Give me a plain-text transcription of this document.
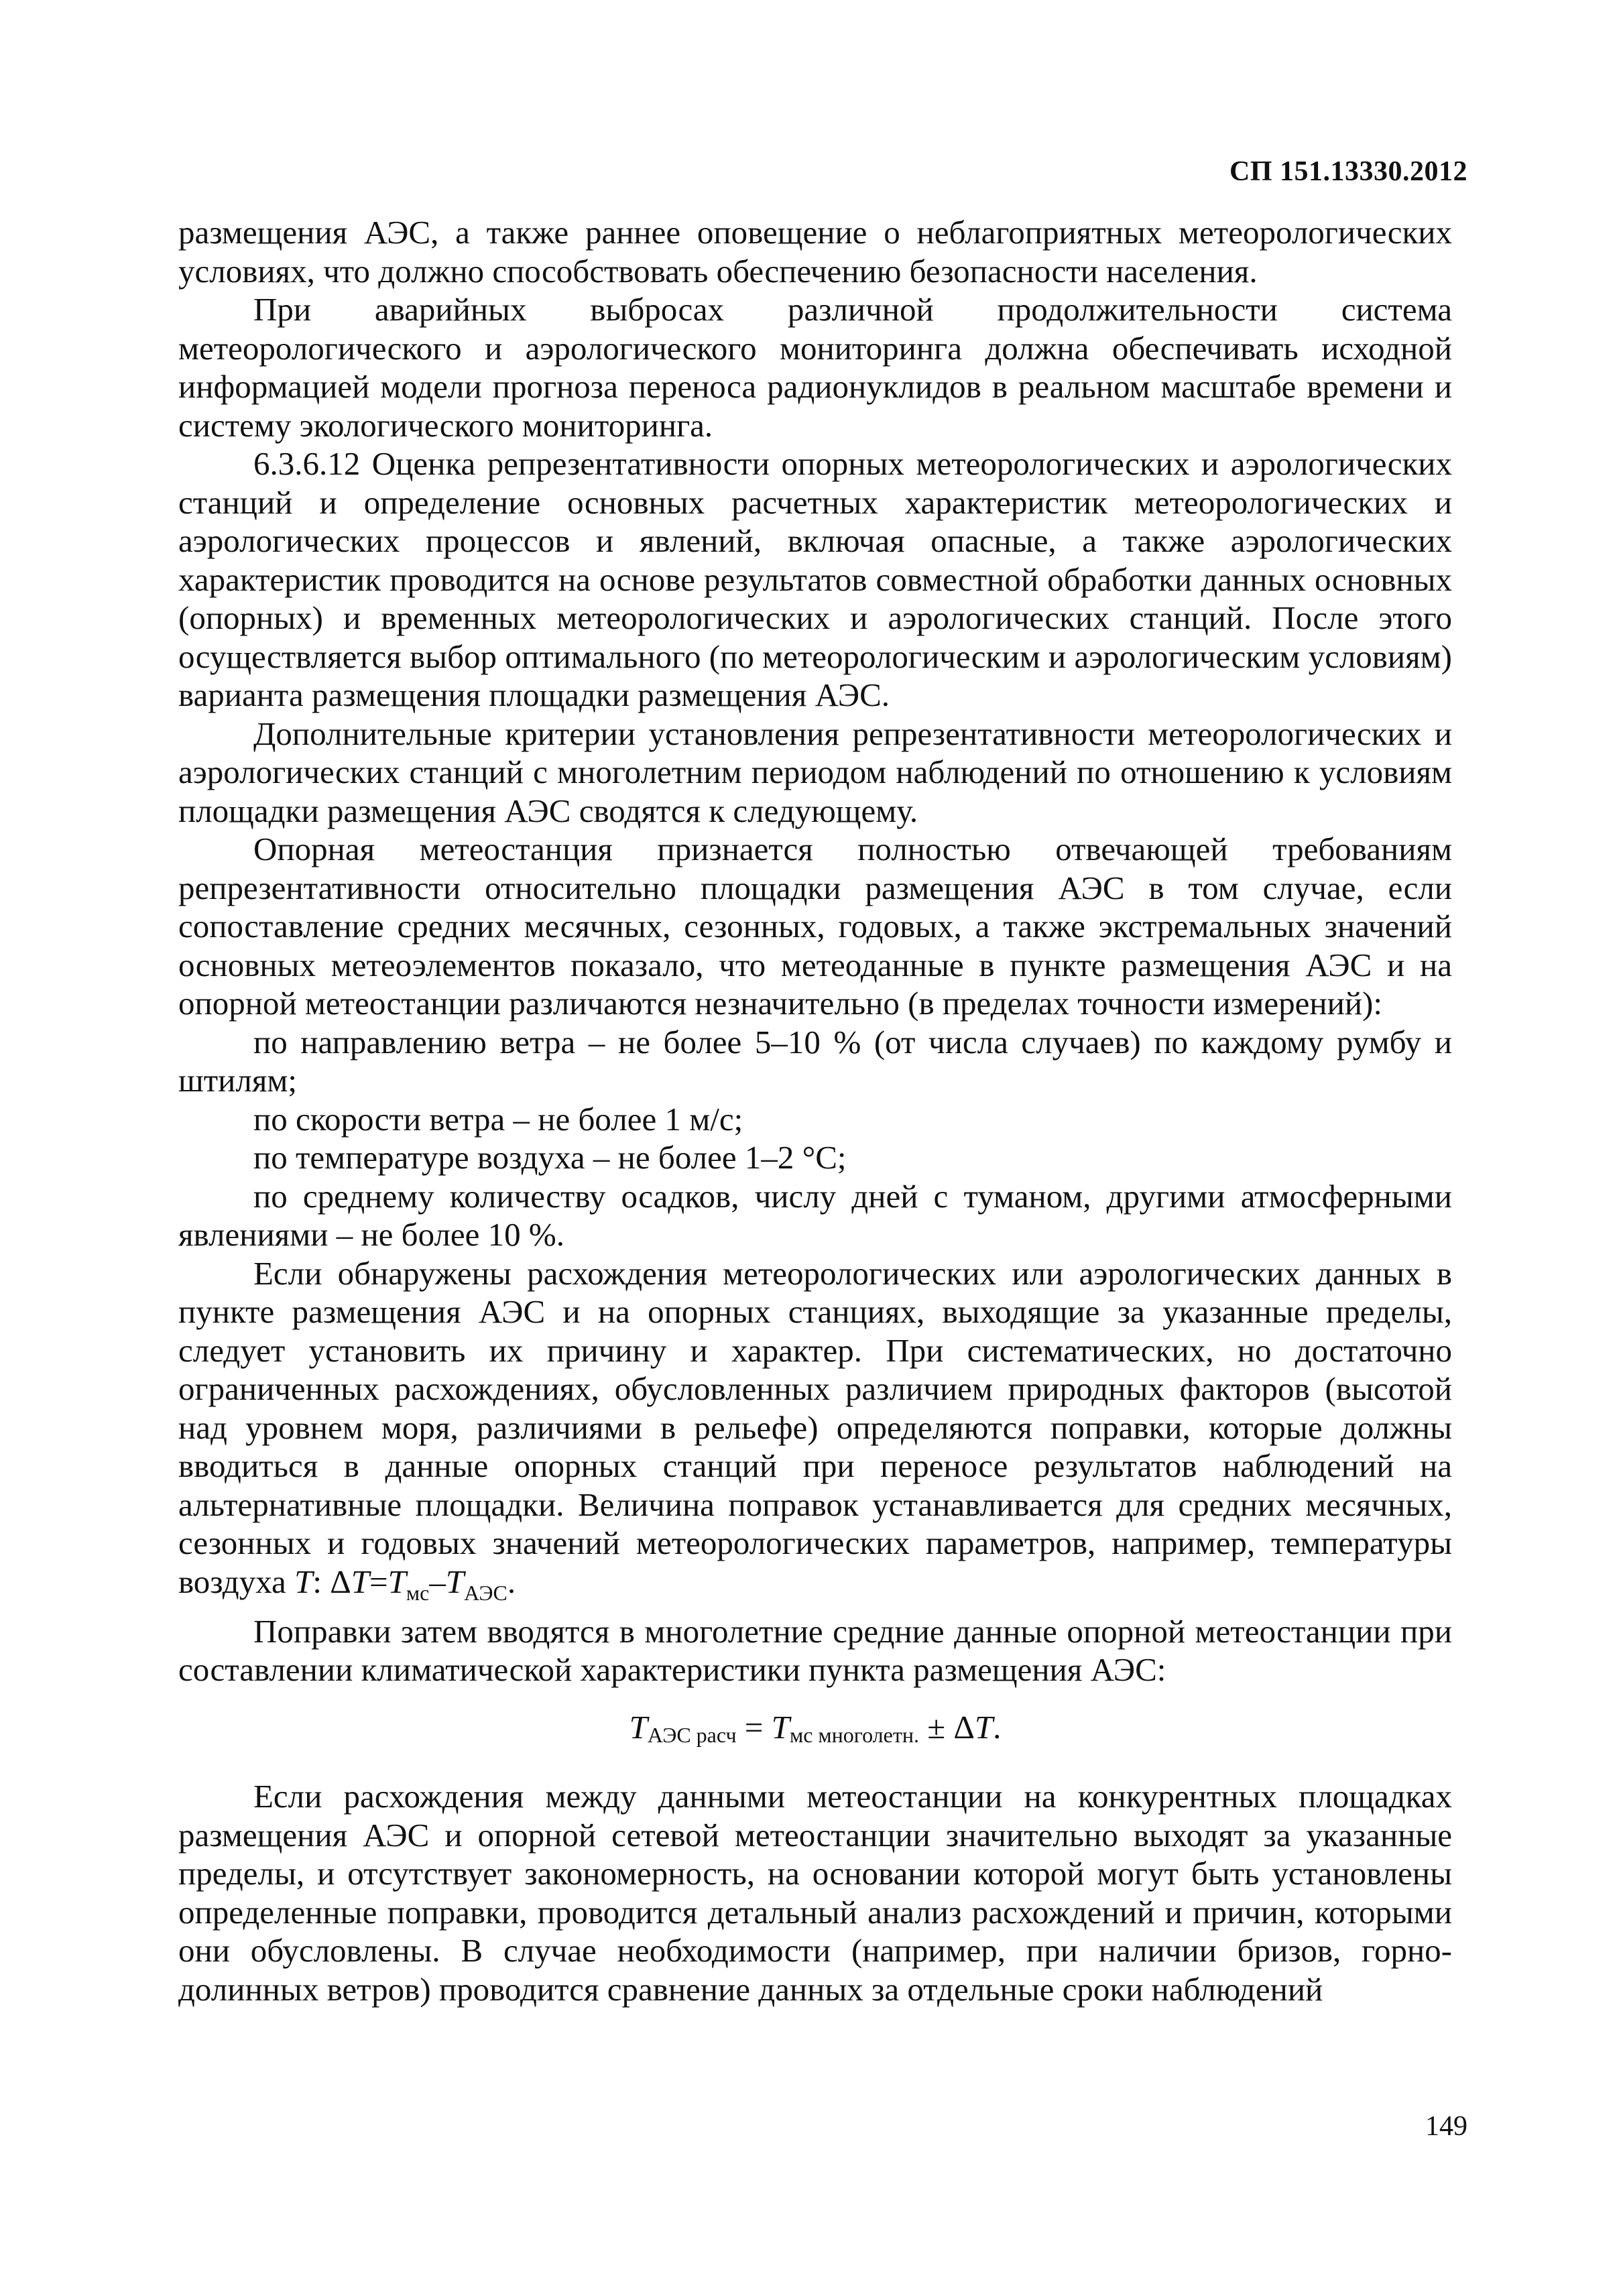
СП 151.13330.2012

размещения АЭС, а также раннее оповещение о неблагоприятных метеорологических условиях, что должно способствовать обеспечению безопасности населения.

При аварийных выбросах различной продолжительности система метеорологического и аэрологического мониторинга должна обеспечивать исходной информацией модели прогноза переноса радионуклидов в реальном масштабе времени и систему экологического мониторинга.

6.3.6.12 Оценка репрезентативности опорных метеорологических и аэрологических станций и определение основных расчетных характеристик метеорологических и аэрологических процессов и явлений, включая опасные, а также аэрологических характеристик проводится на основе результатов совместной обработки данных основных (опорных) и временных метеорологических и аэрологических станций. После этого осуществляется выбор оптимального (по метеорологическим и аэрологическим условиям) варианта размещения площадки размещения АЭС.

Дополнительные критерии установления репрезентативности метеорологических и аэрологических станций с многолетним периодом наблюдений по отношению к условиям площадки размещения АЭС сводятся к следующему.

Опорная метеостанция признается полностью отвечающей требованиям репрезентативности относительно площадки размещения АЭС в том случае, если сопоставление средних месячных, сезонных, годовых, а также экстремальных значений основных метеоэлементов показало, что метеоданные в пункте размещения АЭС и на опорной метеостанции различаются незначительно (в пределах точности измерений):

по направлению ветра – не более 5–10 % (от числа случаев) по каждому румбу и штилям;

по скорости ветра – не более 1 м/с;

по температуре воздуха – не более 1–2 °С;

по среднему количеству осадков, числу дней с туманом, другими атмосферными явлениями – не более 10 %.

Если обнаружены расхождения метеорологических или аэрологических данных в пункте размещения АЭС и на опорных станциях, выходящие за указанные пределы, следует установить их причину и характер. При систематических, но достаточно ограниченных расхождениях, обусловленных различием природных факторов (высотой над уровнем моря, различиями в рельефе) определяются поправки, которые должны вводиться в данные опорных станций при переносе результатов наблюдений на альтернативные площадки. Величина поправок устанавливается для средних месячных, сезонных и годовых значений метеорологических параметров, например, температуры воздуха T: $\Delta T=T_{мс}-T_{АЭС}$.

Поправки затем вводятся в многолетние средние данные опорной метеостанции при составлении климатической характеристики пункта размещения АЭС:

TАЭС расч = Tмс многолетн. ± ΔT.

Если расхождения между данными метеостанции на конкурентных площадках размещения АЭС и опорной сетевой метеостанции значительно выходят за указанные пределы, и отсутствует закономерность, на основании которой могут быть установлены определенные поправки, проводится детальный анализ расхождений и причин, которыми они обусловлены. В случае необходимости (например, при наличии бризов, горно-долинных ветров) проводится сравнение данных за отдельные сроки наблюдений

149
